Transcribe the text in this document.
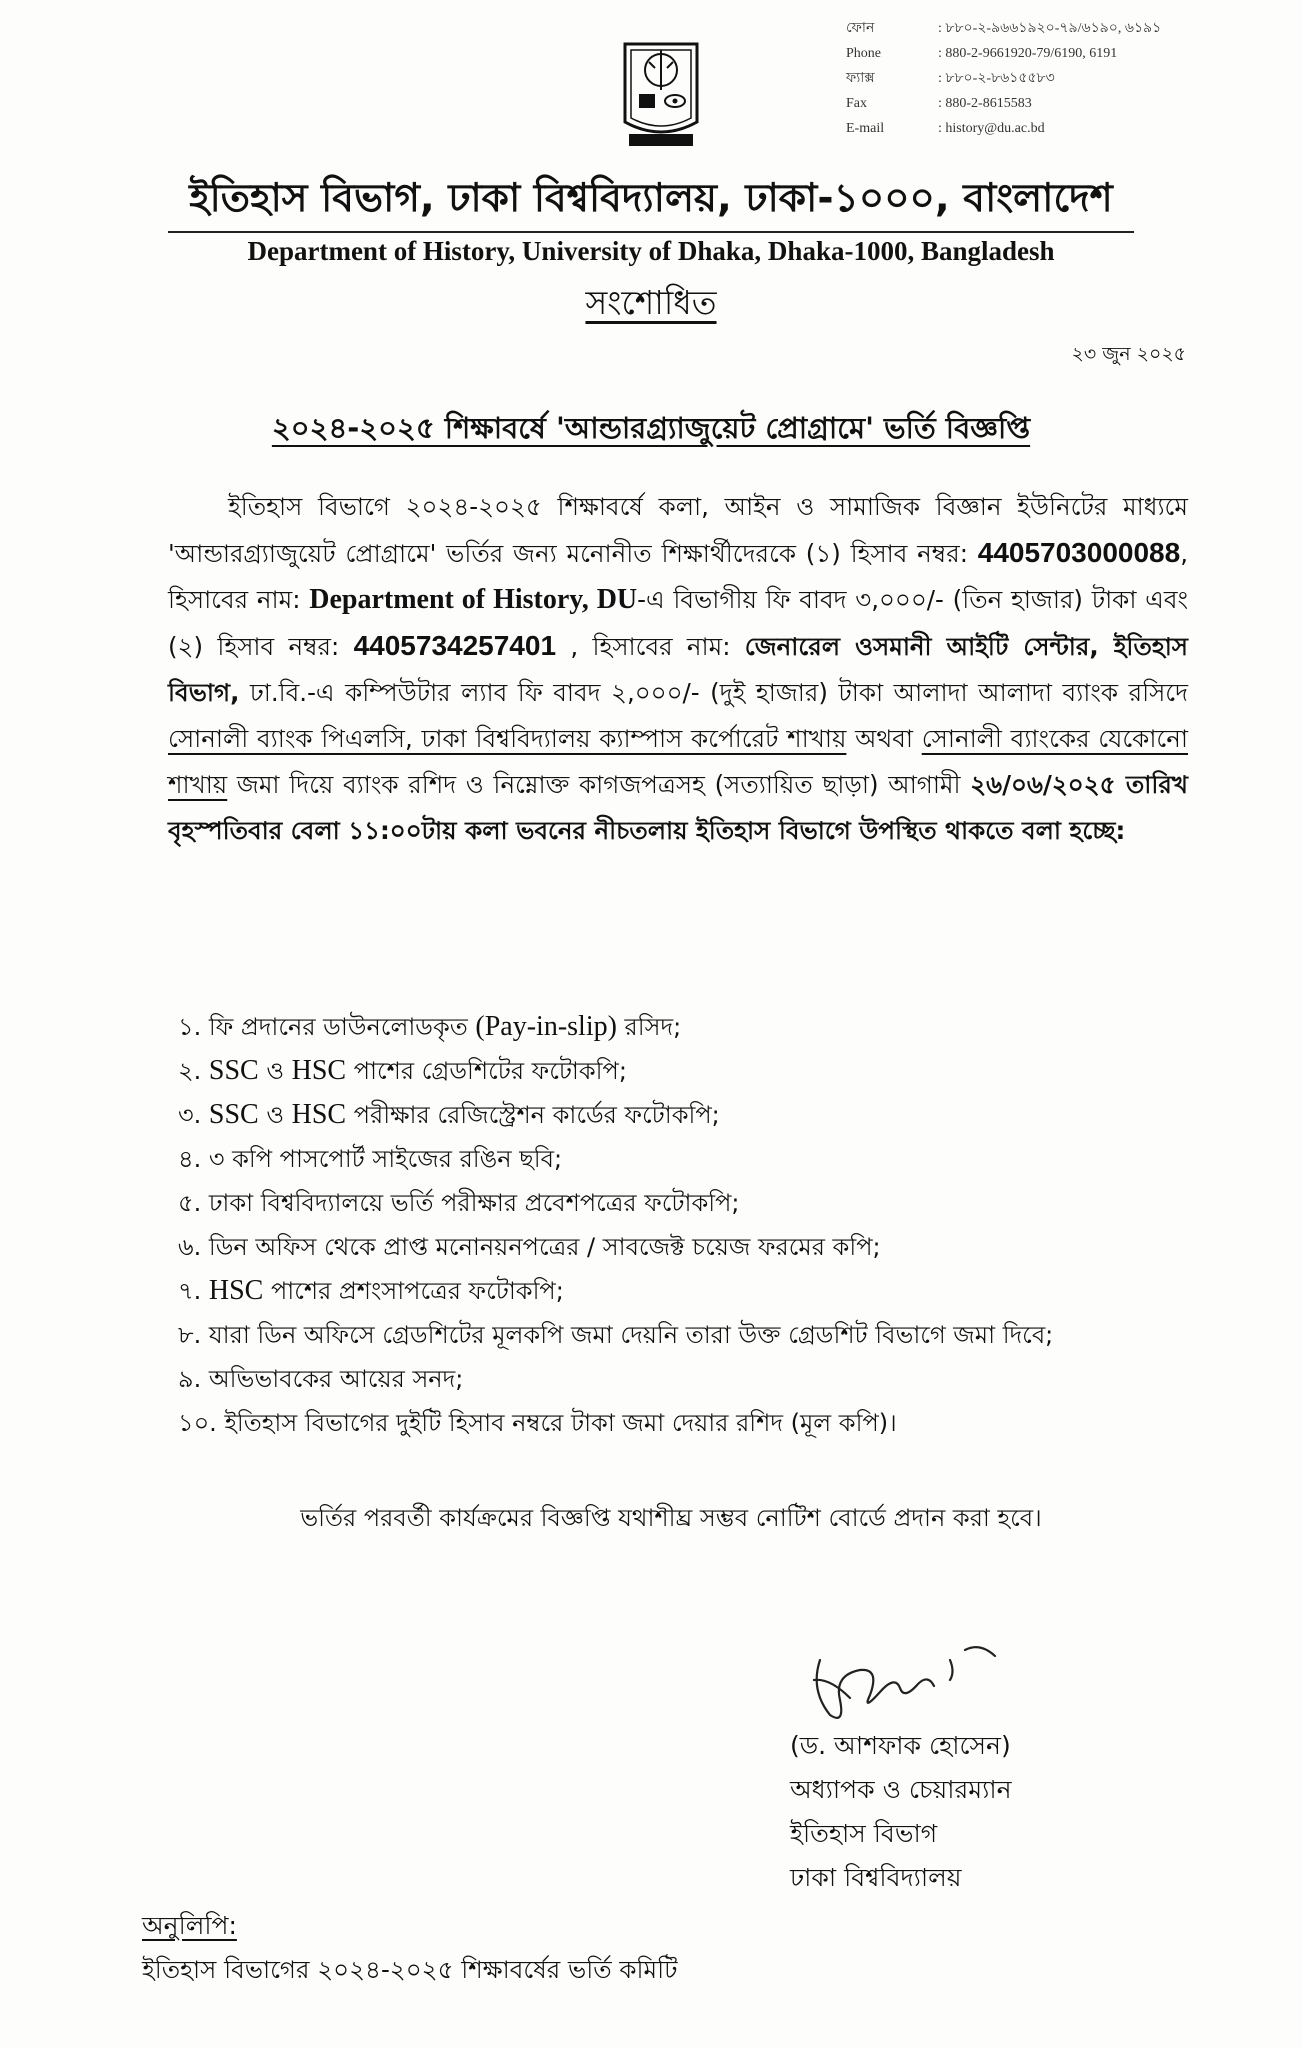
ফোন	: ৮৮০-২-৯৬৬১৯২০-৭৯/৬১৯০, ৬১৯১
Phone	: 880-2-9661920-79/6190, 6191
ফ্যাক্স	: ৮৮০-২-৮৬১৫৫৮৩
Fax	: 880-2-8615583
E-mail	: history@du.ac.bd
ইতিহাস বিভাগ, ঢাকা বিশ্ববিদ্যালয়, ঢাকা-১০০০, বাংলাদেশ
Department of History, University of Dhaka, Dhaka-1000, Bangladesh
সংশোধিত
২৩ জুন ২০২৫
২০২৪-২০২৫ শিক্ষাবর্ষে 'আন্ডারগ্র্যাজুয়েট প্রোগ্রামে' ভর্তি বিজ্ঞপ্তি

ইতিহাস বিভাগে ২০২৪-২০২৫ শিক্ষাবর্ষে কলা, আইন ও সামাজিক বিজ্ঞান ইউনিটের মাধ্যমে 'আন্ডারগ্র্যাজুয়েট প্রোগ্রামে' ভর্তির জন্য মনোনীত শিক্ষার্থীদেরকে (১) হিসাব নম্বর: 4405703000088, হিসাবের নাম: Department of History, DU-এ বিভাগীয় ফি বাবদ ৩,০০০/- (তিন হাজার) টাকা এবং (২) হিসাব নম্বর: 4405734257401 , হিসাবের নাম: জেনারেল ওসমানী আইটি সেন্টার, ইতিহাস বিভাগ, ঢা.বি.-এ কম্পিউটার ল্যাব ফি বাবদ ২,০০০/- (দুই হাজার) টাকা আলাদা আলাদা ব্যাংক রসিদে সোনালী ব্যাংক পিএলসি, ঢাকা বিশ্ববিদ্যালয় ক্যাম্পাস কর্পোরেট শাখায় অথবা সোনালী ব্যাংকের যেকোনো শাখায় জমা দিয়ে ব্যাংক রশিদ ও নিম্নোক্ত কাগজপত্রসহ (সত্যায়িত ছাড়া) আগামী ২৬/০৬/২০২৫ তারিখ বৃহস্পতিবার বেলা ১১:০০টায় কলা ভবনের নীচতলায় ইতিহাস বিভাগে উপস্থিত থাকতে বলা হচ্ছে:

১. ফি প্রদানের ডাউনলোডকৃত (Pay-in-slip) রসিদ;
২. SSC ও HSC পাশের গ্রেডশিটের ফটোকপি;
৩. SSC ও HSC পরীক্ষার রেজিস্ট্রেশন কার্ডের ফটোকপি;
৪. ৩ কপি পাসপোর্ট সাইজের রঙিন ছবি;
৫. ঢাকা বিশ্ববিদ্যালয়ে ভর্তি পরীক্ষার প্রবেশপত্রের ফটোকপি;
৬. ডিন অফিস থেকে প্রাপ্ত মনোনয়নপত্রের / সাবজেক্ট চয়েজ ফরমের কপি;
৭. HSC পাশের প্রশংসাপত্রের ফটোকপি;
৮. যারা ডিন অফিসে গ্রেডশিটের মূলকপি জমা দেয়নি তারা উক্ত গ্রেডশিট বিভাগে জমা দিবে;
৯. অভিভাবকের আয়ের সনদ;
১০. ইতিহাস বিভাগের দুইটি হিসাব নম্বরে টাকা জমা দেয়ার রশিদ (মূল কপি)।
ভর্তির পরবর্তী কার্যক্রমের বিজ্ঞপ্তি যথাশীঘ্র সম্ভব নোটিশ বোর্ডে প্রদান করা হবে।
(ড. আশফাক হোসেন)
অধ্যাপক ও চেয়ারম্যান
ইতিহাস বিভাগ
ঢাকা বিশ্ববিদ্যালয়
অনুলিপি:
ইতিহাস বিভাগের ২০২৪-২০২৫ শিক্ষাবর্ষের ভর্তি কমিটি
